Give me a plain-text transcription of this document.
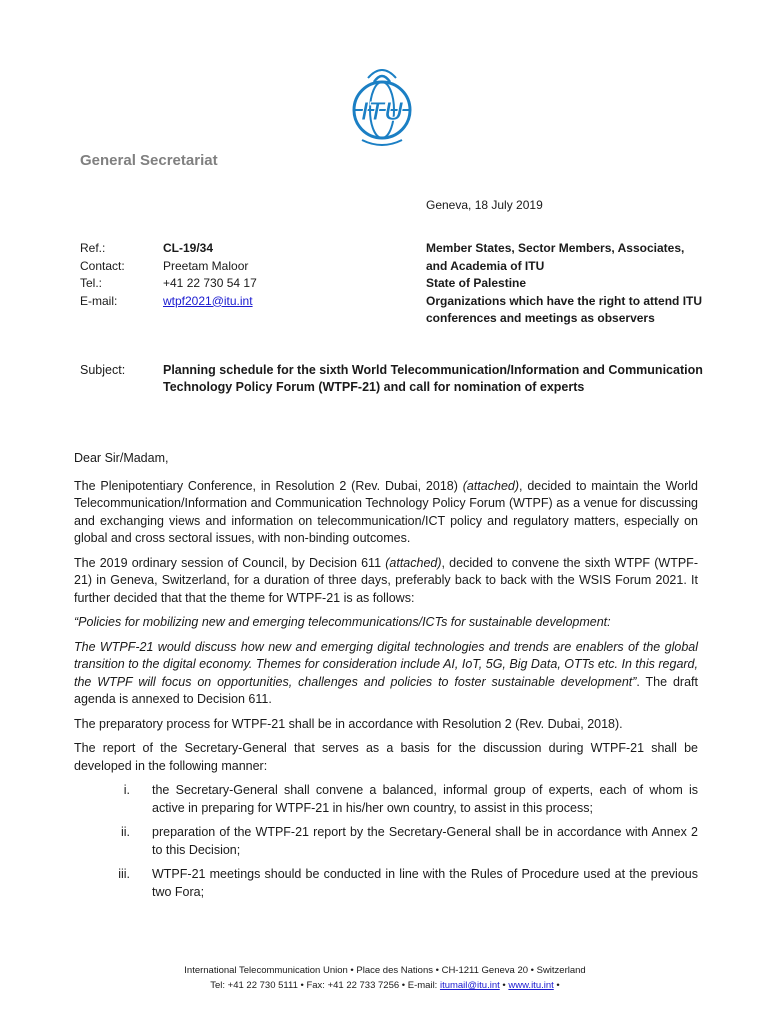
ITU
General Secretariat
Geneva, 18 July 2019
Ref.:	CL-19/34
Contact:	Preetam Maloor
Tel.:	+41 22 730 54 17
E-mail:	wtpf2021@itu.int
Member States, Sector Members, Associates, and Academia of ITU
State of Palestine
Organizations which have the right to attend ITU conferences and meetings as observers
Subject:	Planning schedule for the sixth World Telecommunication/Information and Communication Technology Policy Forum (WTPF-21) and call for nomination of experts

Dear Sir/Madam,

The Plenipotentiary Conference, in Resolution 2 (Rev. Dubai, 2018) (attached), decided to maintain the World Telecommunication/Information and Communication Technology Policy Forum (WTPF) as a venue for discussing and exchanging views and information on telecommunication/ICT policy and regulatory matters, especially on global and cross sectoral issues, with non-binding outcomes.

The 2019 ordinary session of Council, by Decision 611 (attached), decided to convene the sixth WTPF (WTPF-21) in Geneva, Switzerland, for a duration of three days, preferably back to back with the WSIS Forum 2021. It further decided that that the theme for WTPF-21 is as follows:

“Policies for mobilizing new and emerging telecommunications/ICTs for sustainable development:

The WTPF-21 would discuss how new and emerging digital technologies and trends are enablers of the global transition to the digital economy. Themes for consideration include AI, IoT, 5G, Big Data, OTTs etc. In this regard, the WTPF will focus on opportunities, challenges and policies to foster sustainable development”. The draft agenda is annexed to Decision 611.

The preparatory process for WTPF-21 shall be in accordance with Resolution 2 (Rev. Dubai, 2018).

The report of the Secretary-General that serves as a basis for the discussion during WTPF-21 shall be developed in the following manner:

i.	the Secretary-General shall convene a balanced, informal group of experts, each of whom is active in preparing for WTPF-21 in his/her own country, to assist in this process;
ii.	preparation of the WTPF-21 report by the Secretary-General shall be in accordance with Annex 2 to this Decision;
iii.	WTPF-21 meetings should be conducted in line with the Rules of Procedure used at the previous two Fora;
International Telecommunication Union • Place des Nations • CH-1211 Geneva 20 • Switzerland
Tel: +41 22 730 5111 • Fax: +41 22 733 7256 • E-mail: itumail@itu.int • www.itu.int •
